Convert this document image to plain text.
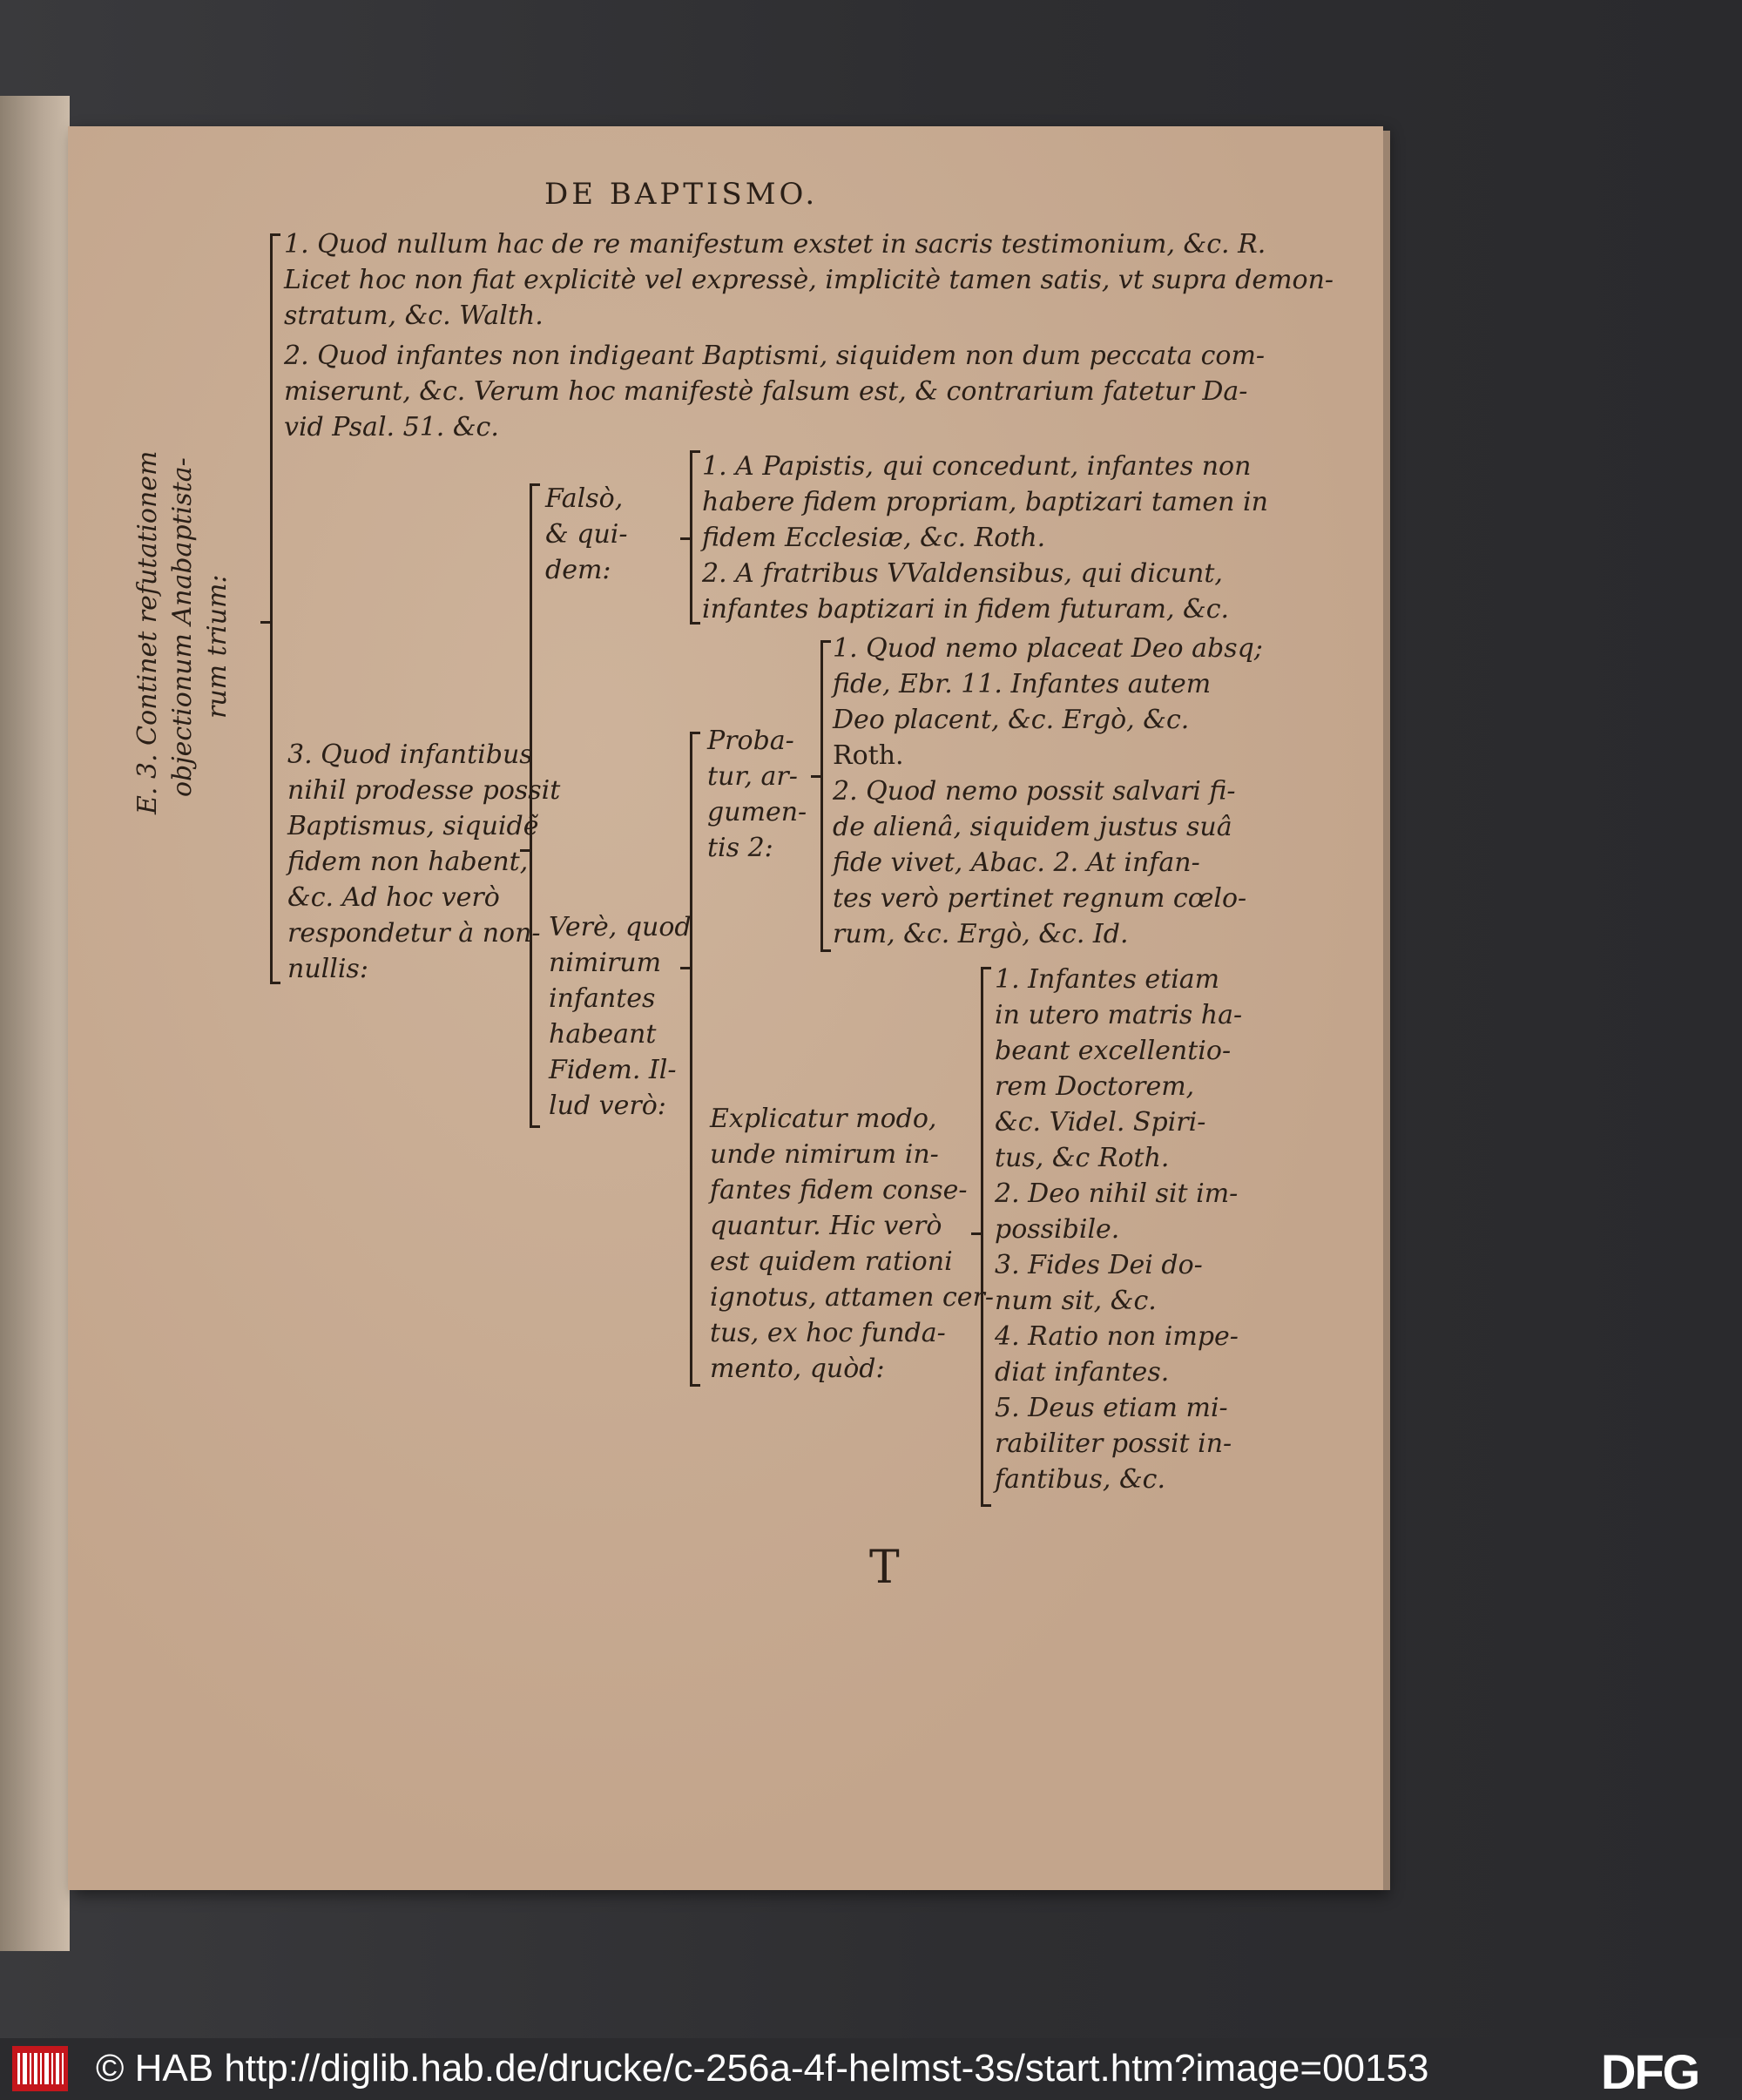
DE BAPTISMO.
E. 3. Continet refutationem objectionum Anabaptista- rum trium:
1. Quod nullum hac de re manifestum exstet in sacris testimonium, &c. R.
Licet hoc non fiat explicitè vel expressè, implicitè tamen satis, vt supra demon-
stratum, &c. Walth.
2. Quod infantes non indigeant Baptismi, siquidem non dum peccata com-
miserunt, &c. Verum hoc manifestè falsum est, & contrarium fatetur Da-
vid Psal. 51. &c.
3. Quod infantibus
nihil prodesse possit
Baptismus, siquidẽ
fidem non habent,
&c. Ad hoc verò
respondetur à non-
nullis:
Falsò,
& qui-
dem:
1. A Papistis, qui concedunt, infantes non
habere fidem propriam, baptizari tamen in
fidem Ecclesiæ, &c. Roth.
2. A fratribus VValdensibus, qui dicunt,
infantes baptizari in fidem futuram, &c.
Verè, quod
nimirum
infantes
habeant
Fidem. Il-
lud verò:
Proba-
tur, ar-
gumen-
tis 2:
1. Quod nemo placeat Deo absq;
fide, Ebr. 11. Infantes autem
Deo placent, &c. Ergò, &c.
Roth.
2. Quod nemo possit salvari fi-
de alienâ, siquidem justus suâ
fide vivet, Abac. 2. At infan-
tes verò pertinet regnum cœlo-
rum, &c. Ergò, &c. Id.
Explicatur modo,
unde nimirum in-
fantes fidem conse-
quantur. Hic verò
est quidem rationi
ignotus, attamen cer-
tus, ex hoc funda-
mento, quòd:
1. Infantes etiam
in utero matris ha-
beant excellentio-
rem Doctorem,
&c. Videl. Spiri-
tus, &c Roth.
2. Deo nihil sit im-
possibile.
3. Fides Dei do-
num sit, &c.
4. Ratio non impe-
diat infantes.
5. Deus etiam mi-
rabiliter possit in-
fantibus, &c.
T
© HAB http://diglib.hab.de/drucke/c-256a-4f-helmst-3s/start.htm?image=00153	DFG
